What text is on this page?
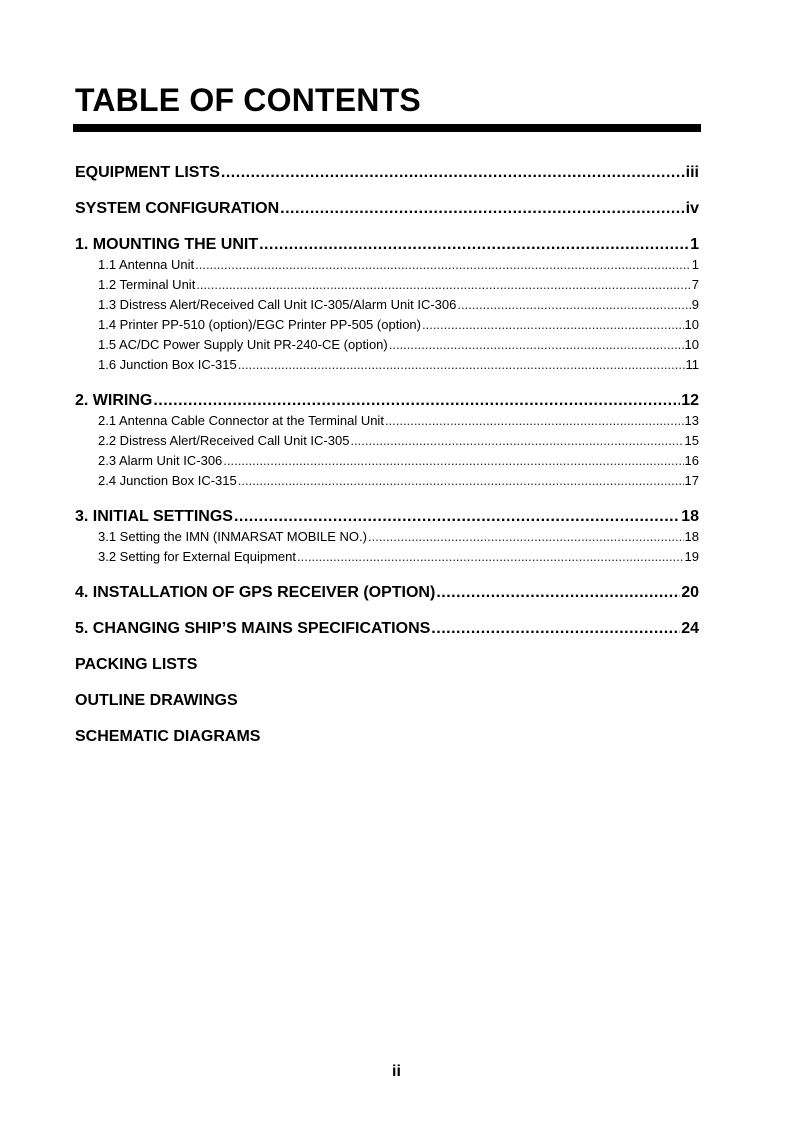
TABLE OF CONTENTS
EQUIPMENT LISTS .....	iii
SYSTEM CONFIGURATION .....	iv
1. MOUNTING THE UNIT .....	1
1.1 Antenna Unit .....	1
1.2 Terminal Unit .....	7
1.3 Distress Alert/Received Call Unit IC-305/Alarm Unit IC-306 .....	9
1.4 Printer PP-510 (option)/EGC Printer PP-505 (option) .....	10
1.5 AC/DC Power Supply Unit PR-240-CE (option) .....	10
1.6 Junction Box IC-315 .....	11
2. WIRING .....	12
2.1 Antenna Cable Connector at the Terminal Unit .....	13
2.2 Distress Alert/Received Call Unit IC-305 .....	15
2.3 Alarm Unit IC-306 .....	16
2.4 Junction Box IC-315 .....	17
3. INITIAL SETTINGS .....	18
3.1 Setting the IMN (INMARSAT MOBILE NO.) .....	18
3.2 Setting for External Equipment .....	19
4. INSTALLATION OF GPS RECEIVER (OPTION) .....	20
5. CHANGING SHIP’S MAINS SPECIFICATIONS .....	24
PACKING LISTS
OUTLINE DRAWINGS
SCHEMATIC DIAGRAMS
ii
